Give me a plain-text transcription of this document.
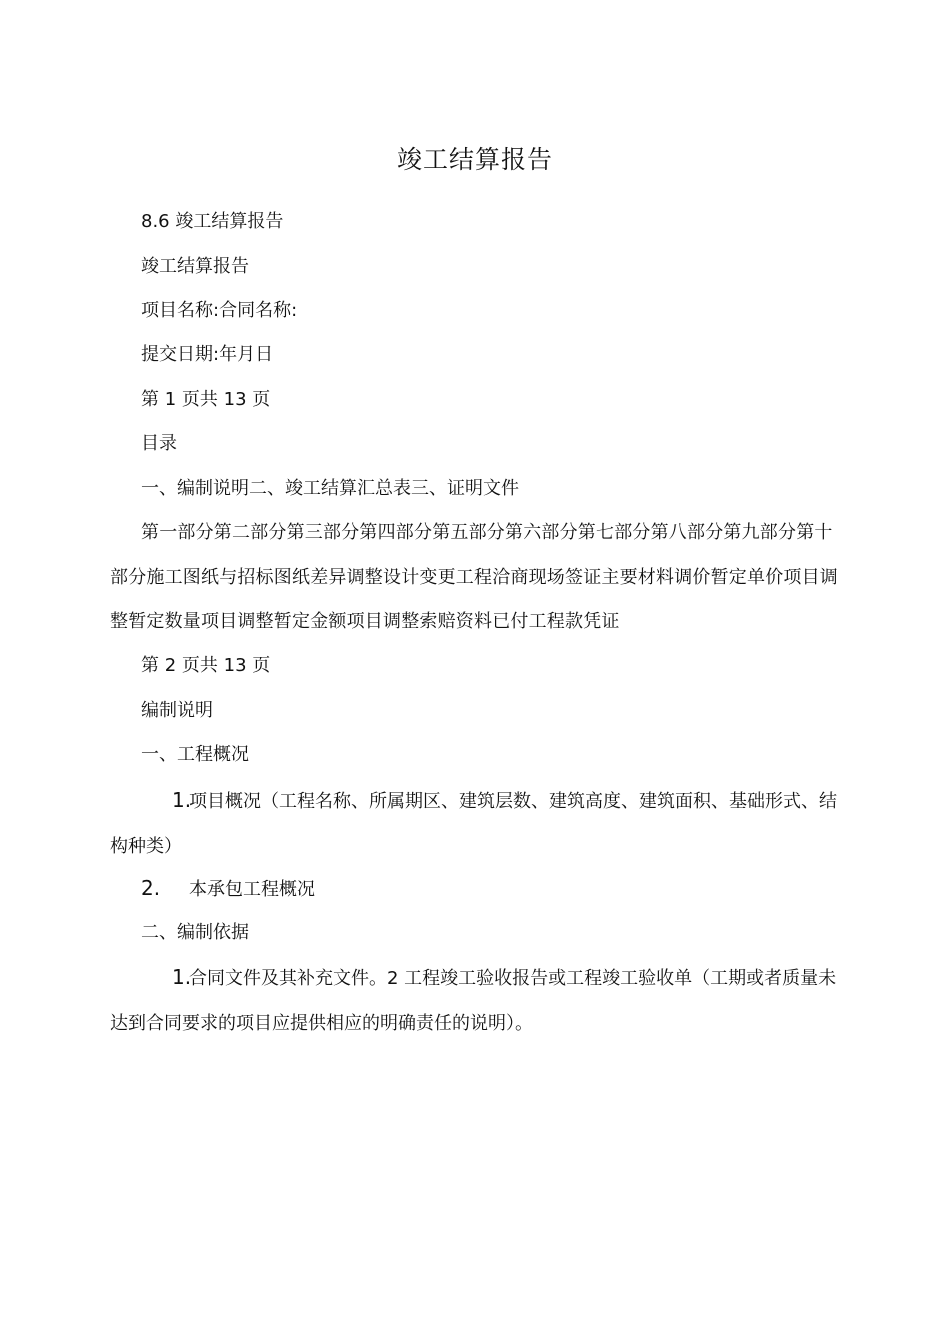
竣工结算报告
8.6 竣工结算报告
竣工结算报告
项目名称:合同名称:
提交日期:年月日
第 1 页共 13 页
目录
一、编制说明二、竣工结算汇总表三、证明文件
第一部分第二部分第三部分第四部分第五部分第六部分第七部分第八部分第九部分第十部分施工图纸与招标图纸差异调整设计变更工程洽商现场签证主要材料调价暂定单价项目调整暂定数量项目调整暂定金额项目调整索赔资料已付工程款凭证
第 2 页共 13 页
编制说明
一、工程概况
1.项目概况（工程名称、所属期区、建筑层数、建筑高度、建筑面积、基础形式、结构种类）
2. 本承包工程概况
二、编制依据
1.合同文件及其补充文件。2 工程竣工验收报告或工程竣工验收单（工期或者质量未达到合同要求的项目应提供相应的明确责任的说明）。
